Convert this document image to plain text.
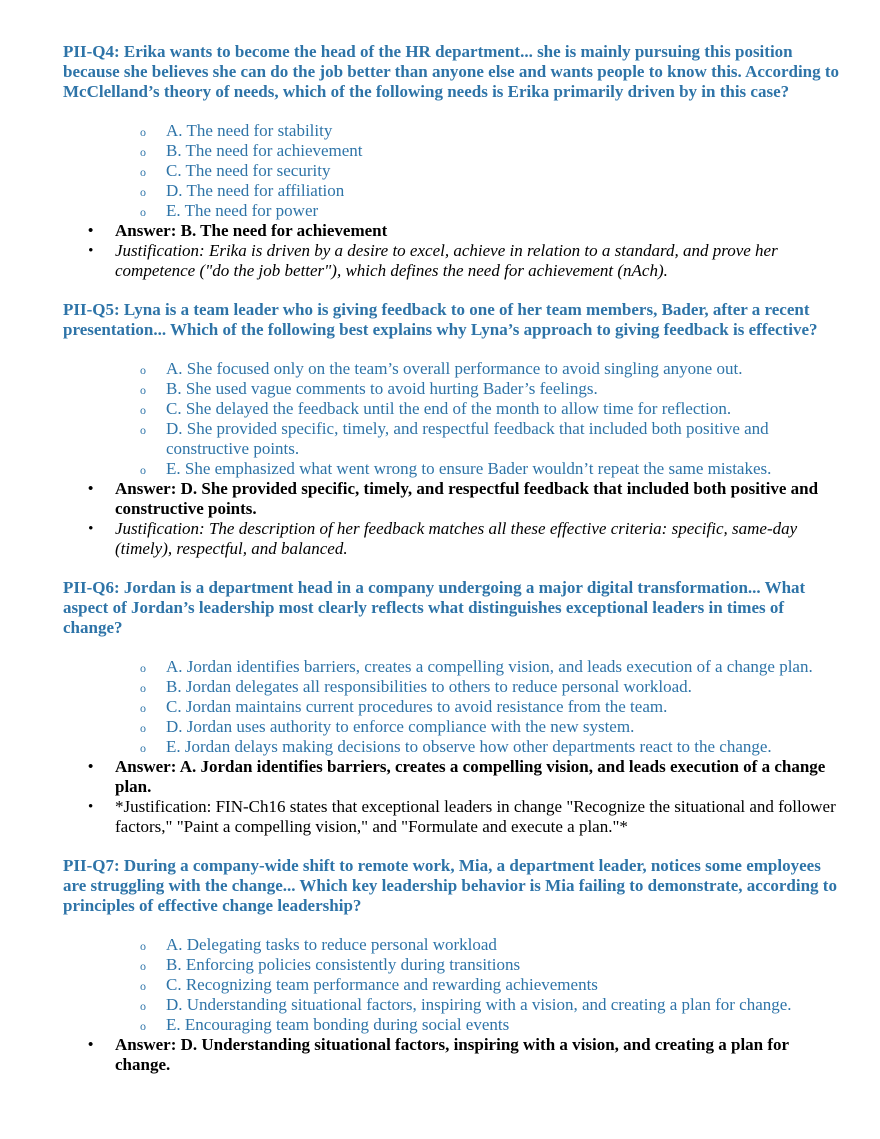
PII-Q4: Erika wants to become the head of the HR department... she is mainly pursuing this position because she believes she can do the job better than anyone else and wants people to know this. According to McClelland’s theory of needs, which of the following needs is Erika primarily driven by in this case?

o A. The need for stability
o B. The need for achievement
o C. The need for security
o D. The need for affiliation
o E. The need for power
• Answer: B. The need for achievement
• Justification: Erika is driven by a desire to excel, achieve in relation to a standard, and prove her competence ("do the job better"), which defines the need for achievement (nAch).

PII-Q5: Lyna is a team leader who is giving feedback to one of her team members, Bader, after a recent presentation... Which of the following best explains why Lyna’s approach to giving feedback is effective?

o A. She focused only on the team’s overall performance to avoid singling anyone out.
o B. She used vague comments to avoid hurting Bader’s feelings.
o C. She delayed the feedback until the end of the month to allow time for reflection.
o D. She provided specific, timely, and respectful feedback that included both positive and constructive points.
o E. She emphasized what went wrong to ensure Bader wouldn’t repeat the same mistakes.
• Answer: D. She provided specific, timely, and respectful feedback that included both positive and constructive points.
• Justification: The description of her feedback matches all these effective criteria: specific, same-day (timely), respectful, and balanced.

PII-Q6: Jordan is a department head in a company undergoing a major digital transformation... What aspect of Jordan’s leadership most clearly reflects what distinguishes exceptional leaders in times of change?

o A. Jordan identifies barriers, creates a compelling vision, and leads execution of a change plan.
o B. Jordan delegates all responsibilities to others to reduce personal workload.
o C. Jordan maintains current procedures to avoid resistance from the team.
o D. Jordan uses authority to enforce compliance with the new system.
o E. Jordan delays making decisions to observe how other departments react to the change.
• Answer: A. Jordan identifies barriers, creates a compelling vision, and leads execution of a change plan.
• *Justification: FIN-Ch16 states that exceptional leaders in change "Recognize the situational and follower factors," "Paint a compelling vision," and "Formulate and execute a plan."*

PII-Q7: During a company-wide shift to remote work, Mia, a department leader, notices some employees are struggling with the change... Which key leadership behavior is Mia failing to demonstrate, according to principles of effective change leadership?

o A. Delegating tasks to reduce personal workload
o B. Enforcing policies consistently during transitions
o C. Recognizing team performance and rewarding achievements
o D. Understanding situational factors, inspiring with a vision, and creating a plan for change.
o E. Encouraging team bonding during social events
• Answer: D. Understanding situational factors, inspiring with a vision, and creating a plan for change.
